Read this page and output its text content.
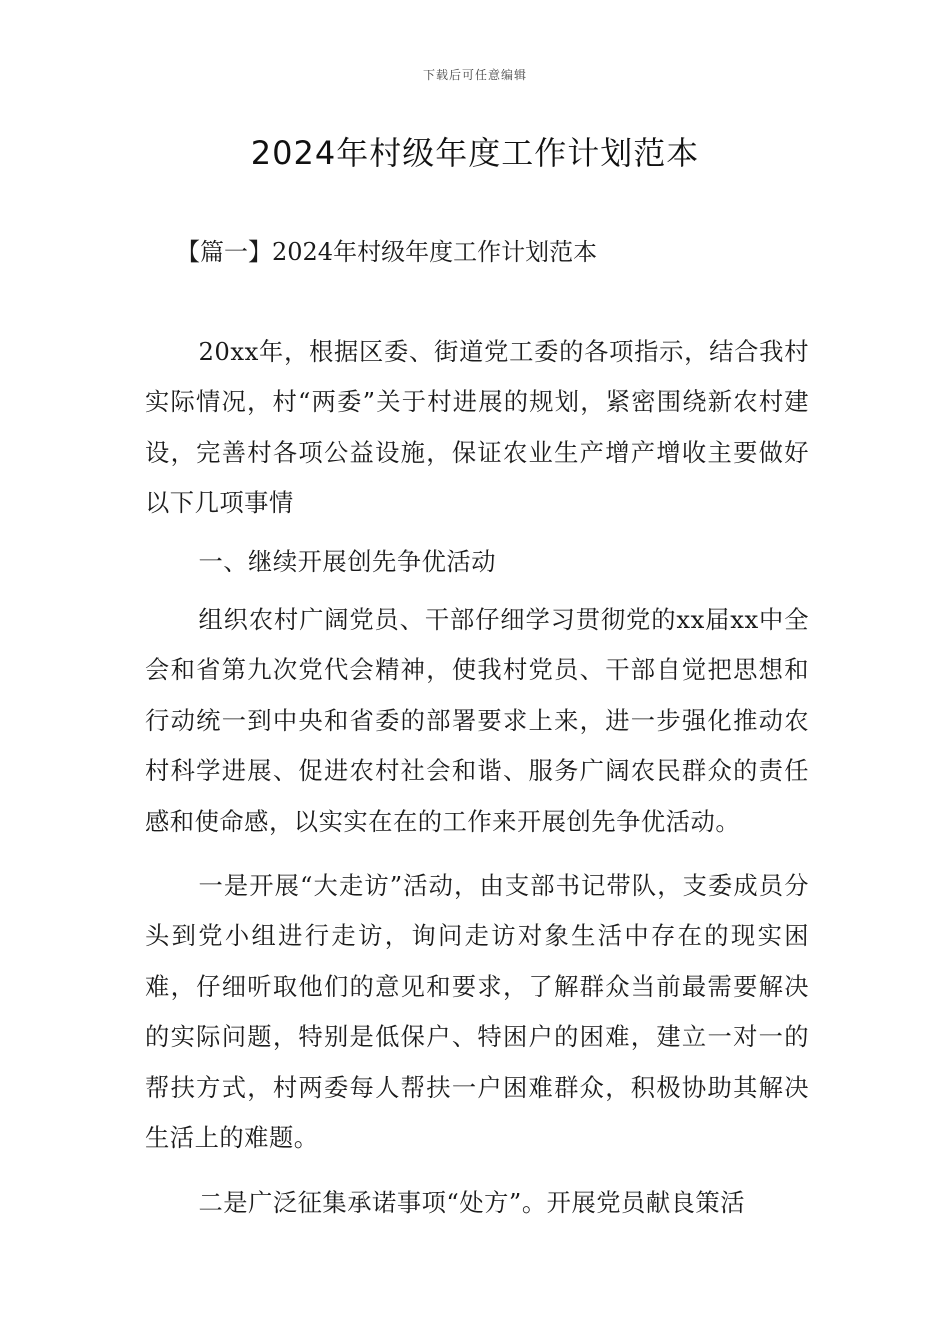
下载后可任意编辑
2024年村级年度工作计划范本
【篇一】2024年村级年度工作计划范本

20xx年，根据区委、街道党工委的各项指示，结合我村实际情况，村“两委”关于村进展的规划，紧密围绕新农村建设，完善村各项公益设施，保证农业生产增产增收主要做好以下几项事情

一、继续开展创先争优活动

组织农村广阔党员、干部仔细学习贯彻党的xx届xx中全会和省第九次党代会精神，使我村党员、干部自觉把思想和行动统一到中央和省委的部署要求上来，进一步强化推动农村科学进展、促进农村社会和谐、服务广阔农民群众的责任感和使命感，以实实在在的工作来开展创先争优活动。

一是开展“大走访”活动，由支部书记带队，支委成员分头到党小组进行走访，询问走访对象生活中存在的现实困难，仔细听取他们的意见和要求，了解群众当前最需要解决的实际问题，特别是低保户、特困户的困难，建立一对一的帮扶方式，村两委每人帮扶一户困难群众，积极协助其解决生活上的难题。

二是广泛征集承诺事项“处方”。开展党员献良策活
